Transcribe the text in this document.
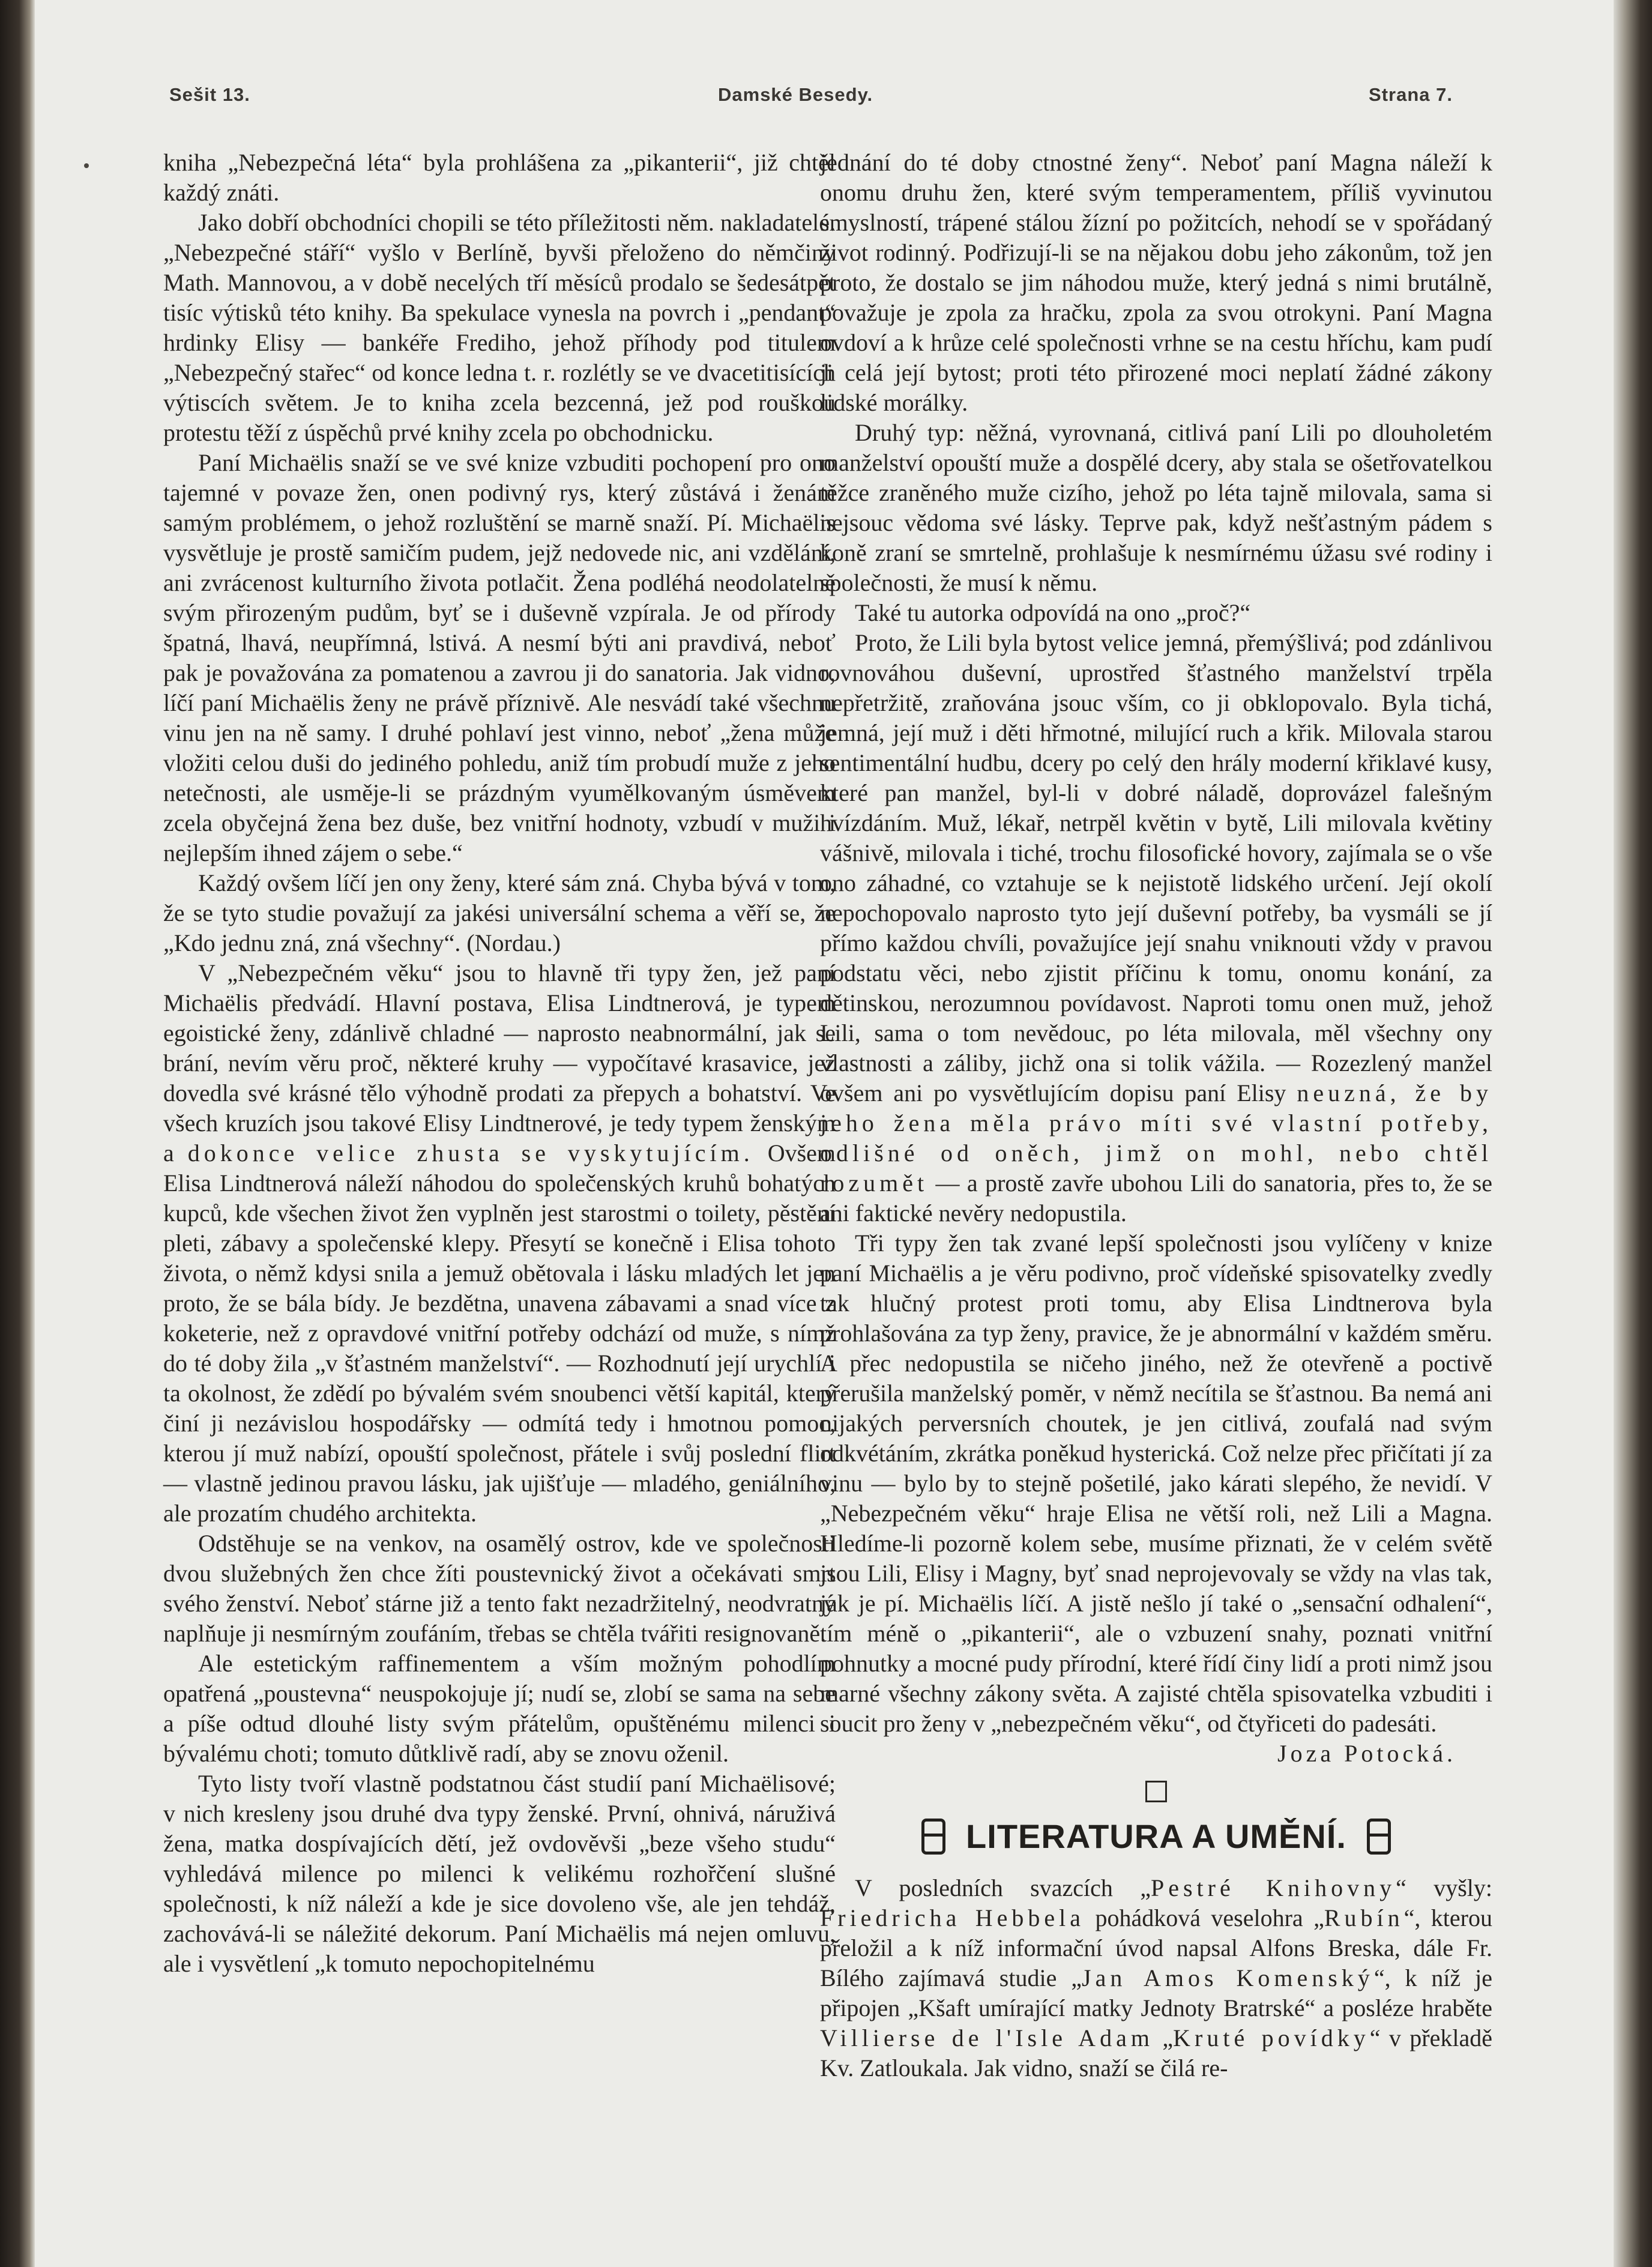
Sešit 13.	Damské Besedy.	Strana 7.

kniha „Nebezpečná léta“ byla prohlášena za „pikanterii“, již chtěl každý znáti.

Jako dobří obchodníci chopili se této příležitosti něm. nakladatelé. „Nebezpečné stáří“ vyšlo v Berlíně, byvši přeloženo do němčiny Math. Mannovou, a v době necelých tří měsíců prodalo se šedesátpět tisíc výtisků této knihy. Ba spekulace vynesla na povrch i „pendant“ hrdinky Elisy — bankéře Frediho, jehož příhody pod titulem „Nebezpečný stařec“ od konce ledna t. r. rozlétly se ve dvacetitisících výtiscích světem. Je to kniha zcela bezcenná, jež pod rouškou protestu těží z úspěchů prvé knihy zcela po obchodnicku.

Paní Michaëlis snaží se ve své knize vzbuditi pochopení pro ono tajemné v povaze žen, onen podivný rys, který zůstává i ženám samým problémem, o jehož rozluštění se marně snaží. Pí. Michaëlis vysvětluje je prostě samičím pudem, jejž nedovede nic, ani vzdělání, ani zvrácenost kulturního života potlačit. Žena podléhá neodolatelně svým přirozeným pudům, byť se i duševně vzpírala. Je od přírody špatná, lhavá, neupřímná, lstivá. A nesmí býti ani pravdivá, neboť pak je považována za pomatenou a zavrou ji do sanatoria. Jak vidno, líčí paní Michaëlis ženy ne právě příznivě. Ale nesvádí také všechnu vinu jen na ně samy. I druhé pohlaví jest vinno, neboť „žena může vložiti celou duši do jediného pohledu, aniž tím probudí muže z jeho netečnosti, ale usměje-li se prázdným vyumělkovaným úsměvem zcela obyčejná žena bez duše, bez vnitřní hodnoty, vzbudí v muži i nejlepším ihned zájem o sebe.“

Každý ovšem líčí jen ony ženy, které sám zná. Chyba bývá v tom, že se tyto studie považují za jakési universální schema a věří se, že „Kdo jednu zná, zná všechny“. (Nordau.)

V „Nebezpečném věku“ jsou to hlavně tři typy žen, jež paní Michaëlis předvádí. Hlavní postava, Elisa Lindtnerová, je typem egoistické ženy, zdánlivě chladné — naprosto neabnormální, jak se brání, nevím věru proč, některé kruhy — vypočítavé krasavice, jež dovedla své krásné tělo výhodně prodati za přepych a bohatství. Ve všech kruzích jsou takové Elisy Lindtnerové, je tedy typem ženským a dokonce velice zhusta se vyskytujícím. Ovšem Elisa Lindtnerová náleží náhodou do společenských kruhů bohatých kupců, kde všechen život žen vyplněn jest starostmi o toilety, pěstění pleti, zábavy a společenské klepy. Přesytí se konečně i Elisa tohoto života, o němž kdysi snila a jemuž obětovala i lásku mladých let jen proto, že se bála bídy. Je bezdětna, unavena zábavami a snad více z koketerie, než z opravdové vnitřní potřeby odchází od muže, s nímž do té doby žila „v šťastném manželství“. — Rozhodnutí její urychlí i ta okolnost, že zdědí po bývalém svém snoubenci větší kapitál, který činí ji nezávislou hospodářsky — odmítá tedy i hmotnou pomoc, kterou jí muž nabízí, opouští společnost, přátele i svůj poslední flirt — vlastně jedinou pravou lásku, jak ujišťuje — mladého, geniálního, ale prozatím chudého architekta.

Odstěhuje se na venkov, na osamělý ostrov, kde ve společnosti dvou služebných žen chce žíti poustevnický život a očekávati smrt svého ženství. Neboť stárne již a tento fakt nezadržitelný, neodvratný naplňuje ji nesmírným zoufáním, třebas se chtěla tvářiti resignovaně.

Ale estetickým raffinementem a vším možným pohodlím opatřená „poustevna“ neuspokojuje jí; nudí se, zlobí se sama na sebe a píše odtud dlouhé listy svým přátelům, opuštěnému milenci i bývalému choti; tomuto důtklivě radí, aby se znovu oženil.

Tyto listy tvoří vlastně podstatnou část studií paní Michaëlisové; v nich kresleny jsou druhé dva typy ženské. První, ohnivá, náruživá žena, matka dospívajících dětí, jež ovdověvši „beze všeho studu“ vyhledává milence po milenci k velikému rozhořčení slušné společnosti, k níž náleží a kde je sice dovoleno vše, ale jen tehdáž, zachovává-li se náležité dekorum. Paní Michaëlis má nejen omluvu, ale i vysvětlení „k tomuto nepochopitelnému

jednání do té doby ctnostné ženy“. Neboť paní Magna náleží k onomu druhu žen, které svým temperamentem, příliš vyvinutou smyslností, trápené stálou žízní po požitcích, nehodí se v spořádaný život rodinný. Podřizují-li se na nějakou dobu jeho zákonům, tož jen proto, že dostalo se jim náhodou muže, který jedná s nimi brutálně, považuje je zpola za hračku, zpola za svou otrokyni. Paní Magna ovdoví a k hrůze celé společnosti vrhne se na cestu hříchu, kam pudí ji celá její bytost; proti této přirozené moci neplatí žádné zákony lidské morálky.

Druhý typ: něžná, vyrovnaná, citlivá paní Lili po dlouholetém manželství opouští muže a dospělé dcery, aby stala se ošetřovatelkou těžce zraněného muže cizího, jehož po léta tajně milovala, sama si nejsouc vědoma své lásky. Teprve pak, když nešťastným pádem s koně zraní se smrtelně, prohlašuje k nesmírnému úžasu své rodiny i společnosti, že musí k němu.

Také tu autorka odpovídá na ono „proč?“

Proto, že Lili byla bytost velice jemná, přemýšlivá; pod zdánlivou rovnováhou duševní, uprostřed šťastného manželství trpěla nepřetržitě, zraňována jsouc vším, co ji obklopovalo. Byla tichá, jemná, její muž i děti hřmotné, milující ruch a křik. Milovala starou sentimentální hudbu, dcery po celý den hrály moderní křiklavé kusy, které pan manžel, byl-li v dobré náladě, doprovázel falešným hvízdáním. Muž, lékař, netrpěl květin v bytě, Lili milovala květiny vášnivě, milovala i tiché, trochu filosofické hovory, zajímala se o vše ono záhadné, co vztahuje se k nejistotě lidského určení. Její okolí nepochopovalo naprosto tyto její duševní potřeby, ba vysmáli se jí přímo každou chvíli, považujíce její snahu vniknouti vždy v pravou podstatu věci, nebo zjistit příčinu k tomu, onomu konání, za dětinskou, nerozumnou povídavost. Naproti tomu onen muž, jehož Lili, sama o tom nevědouc, po léta milovala, měl všechny ony vlastnosti a záliby, jichž ona si tolik vážila. — Rozezlený manžel ovšem ani po vysvětlujícím dopisu paní Elisy neuzná, že by jeho žena měla právo míti své vlastní potřeby, odlišné od oněch, jimž on mohl, nebo chtěl rozumět — a prostě zavře ubohou Lili do sanatoria, přes to, že se ani faktické nevěry nedopustila.

Tři typy žen tak zvané lepší společnosti jsou vylíčeny v knize paní Michaëlis a je věru podivno, proč vídeňské spisovatelky zvedly tak hlučný protest proti tomu, aby Elisa Lindtnerova byla prohlašována za typ ženy, pravice, že je abnormální v každém směru. A přec nedopustila se ničeho jiného, než že otevřeně a poctivě přerušila manželský poměr, v němž necítila se šťastnou. Ba nemá ani nijakých perversních choutek, je jen citlivá, zoufalá nad svým odkvétáním, zkrátka poněkud hysterická. Což nelze přec přičítati jí za vinu — bylo by to stejně pošetilé, jako kárati slepého, že nevidí. V „Nebezpečném věku“ hraje Elisa ne větší roli, než Lili a Magna. Hledíme-li pozorně kolem sebe, musíme přiznati, že v celém světě jsou Lili, Elisy i Magny, byť snad neprojevovaly se vždy na vlas tak, jak je pí. Michaëlis líčí. A jistě nešlo jí také o „sensační odhalení“, tím méně o „pikanterii“, ale o vzbuzení snahy, poznati vnitřní pohnutky a mocné pudy přírodní, které řídí činy lidí a proti nimž jsou marné všechny zákony světa. A zajisté chtěla spisovatelka vzbuditi i soucit pro ženy v „nebezpečném věku“, od čtyřiceti do padesáti.

Joza Potocká.

LITERATURA A UMĚNÍ.

V posledních svazcích „Pestré Knihovny“ vyšly: Friedricha Hebbela pohádková veselohra „Rubín“, kterou přeložil a k níž informační úvod napsal Alfons Breska, dále Fr. Bílého zajímavá studie „Jan Amos Komenský“, k níž je připojen „Kšaft umírající matky Jednoty Bratrské“ a posléze hraběte Villierse de l'Isle Adam „Kruté povídky“ v překladě Kv. Zatloukala. Jak vidno, snaží se čilá re-
